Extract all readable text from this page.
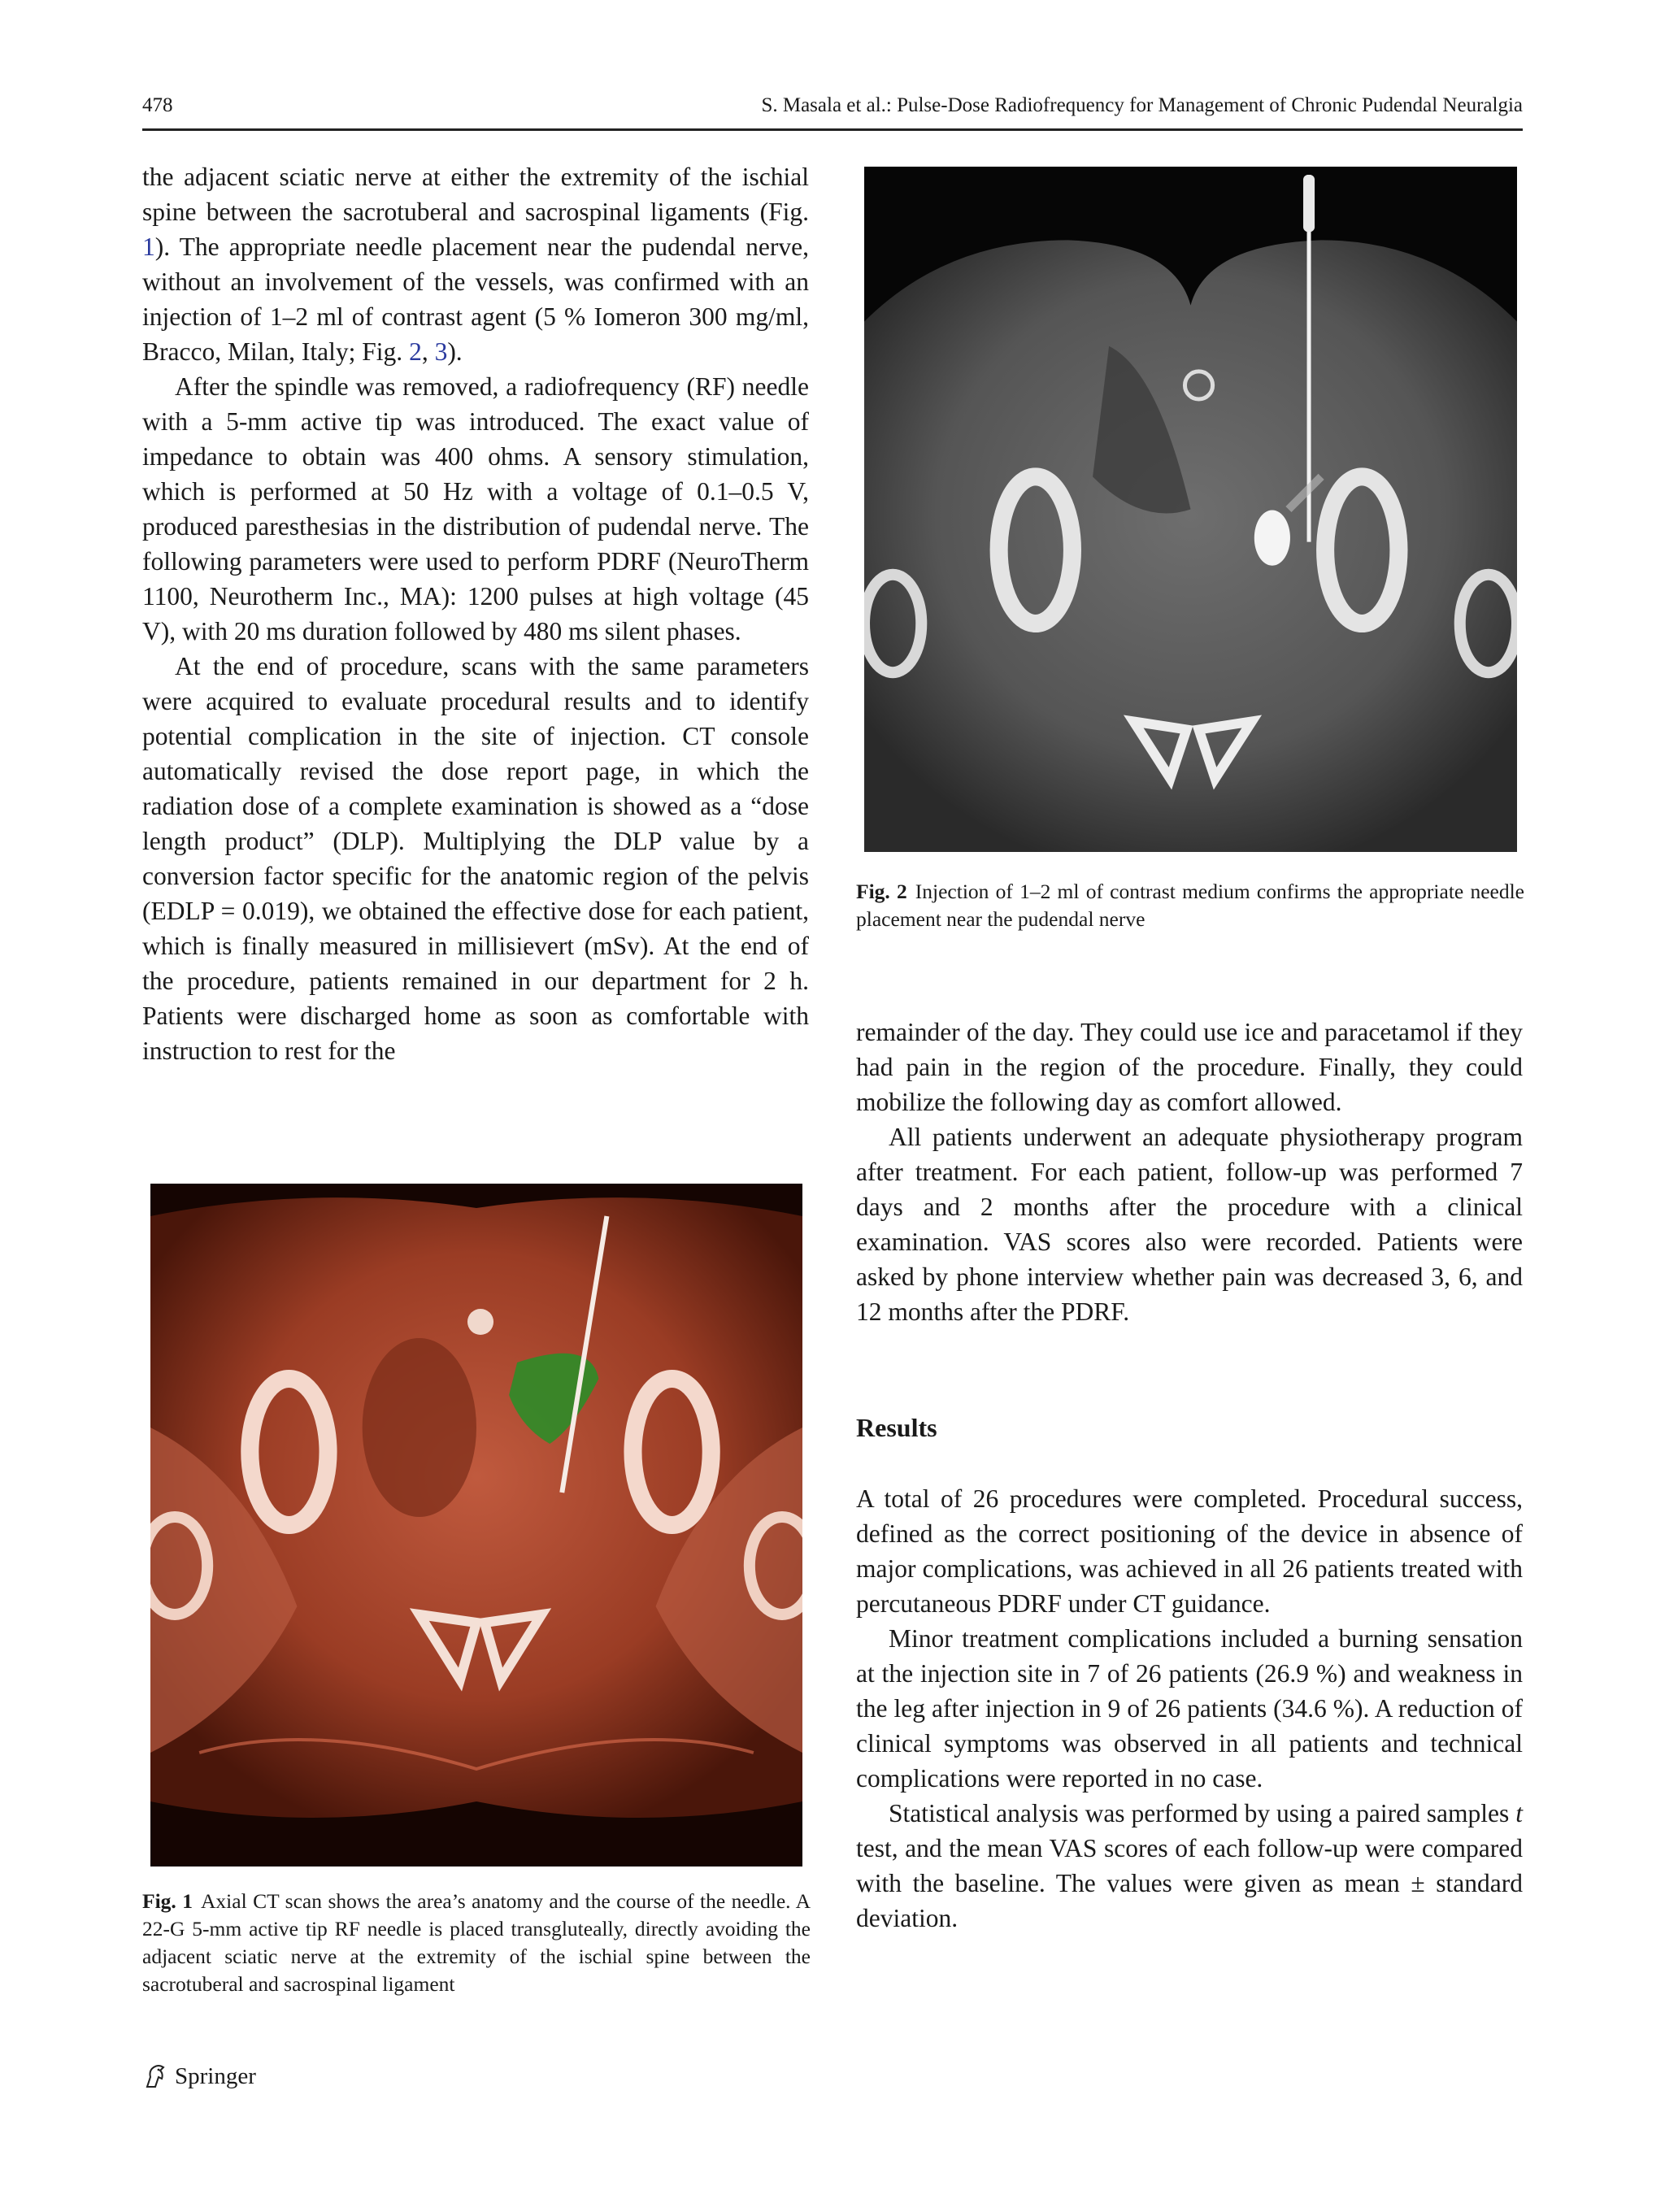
478	S. Masala et al.: Pulse-Dose Radiofrequency for Management of Chronic Pudendal Neuralgia

the adjacent sciatic nerve at either the extremity of the ischial spine between the sacrotuberal and sacrospinal ligaments (Fig. 1). The appropriate needle placement near the pudendal nerve, without an involvement of the vessels, was confirmed with an injection of 1–2 ml of contrast agent (5 % Iomeron 300 mg/ml, Bracco, Milan, Italy; Fig. 2, 3).

After the spindle was removed, a radiofrequency (RF) needle with a 5-mm active tip was introduced. The exact value of impedance to obtain was 400 ohms. A sensory stimulation, which is performed at 50 Hz with a voltage of 0.1–0.5 V, produced paresthesias in the distribution of pudendal nerve. The following parameters were used to perform PDRF (NeuroTherm 1100, Neurotherm Inc., MA): 1200 pulses at high voltage (45 V), with 20 ms duration followed by 480 ms silent phases.

At the end of procedure, scans with the same parameters were acquired to evaluate procedural results and to identify potential complication in the site of injection. CT console automatically revised the dose report page, in which the radiation dose of a complete examination is showed as a “dose length product” (DLP). Multiplying the DLP value by a conversion factor specific for the anatomic region of the pelvis (EDLP = 0.019), we obtained the effective dose for each patient, which is finally measured in millisievert (mSv). At the end of the procedure, patients remained in our department for 2 h. Patients were discharged home as soon as comfortable with instruction to rest for the

Fig. 1 Axial CT scan shows the area’s anatomy and the course of the needle. A 22-G 5-mm active tip RF needle is placed transgluteally, directly avoiding the adjacent sciatic nerve at the extremity of the ischial spine between the sacrotuberal and sacrospinal ligament
Fig. 2 Injection of 1–2 ml of contrast medium confirms the appropriate needle placement near the pudendal nerve

remainder of the day. They could use ice and paracetamol if they had pain in the region of the procedure. Finally, they could mobilize the following day as comfort allowed.

All patients underwent an adequate physiotherapy program after treatment. For each patient, follow-up was performed 7 days and 2 months after the procedure with a clinical examination. VAS scores also were recorded. Patients were asked by phone interview whether pain was decreased 3, 6, and 12 months after the PDRF.

Results

A total of 26 procedures were completed. Procedural success, defined as the correct positioning of the device in absence of major complications, was achieved in all 26 patients treated with percutaneous PDRF under CT guidance.

Minor treatment complications included a burning sensation at the injection site in 7 of 26 patients (26.9 %) and weakness in the leg after injection in 9 of 26 patients (34.6 %). A reduction of clinical symptoms was observed in all patients and technical complications were reported in no case.

Statistical analysis was performed by using a paired samples t test, and the mean VAS scores of each follow-up were compared with the baseline. The values were given as mean ± standard deviation.

Springer
